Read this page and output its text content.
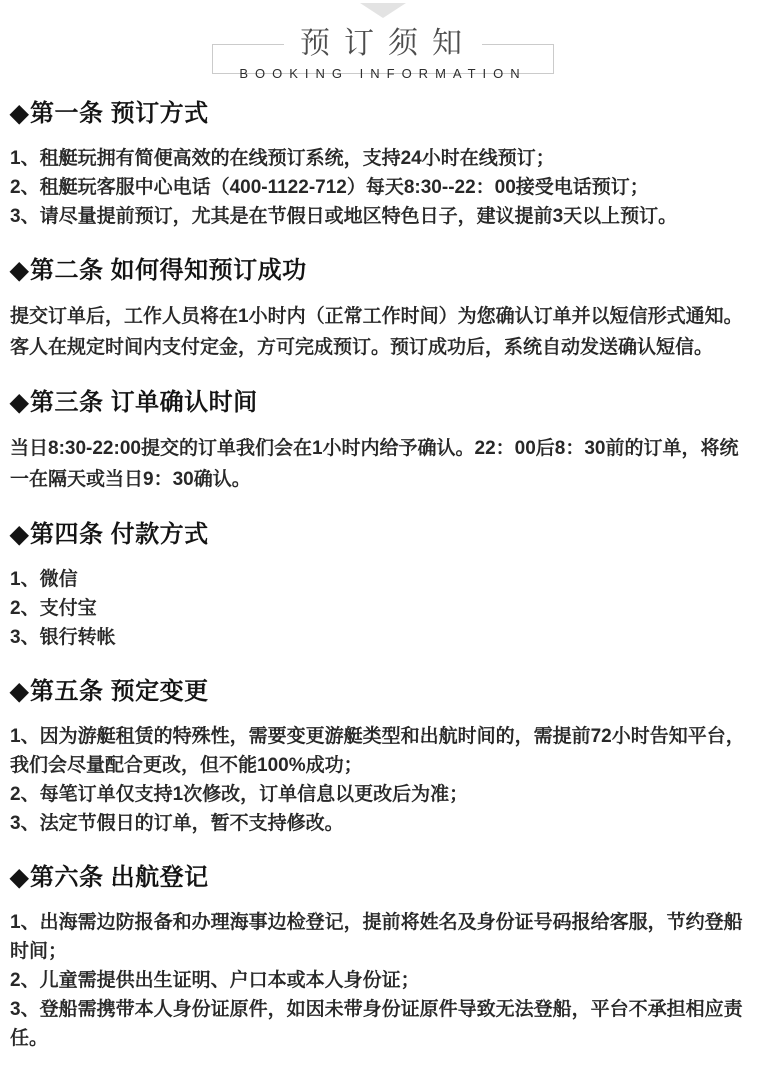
预订须知
BOOKING INFORMATION
◆第一条 预订方式

1、租艇玩拥有简便高效的在线预订系统，支持24小时在线预订；

2、租艇玩客服中心电话（400-1122-712）每天8:30--22：00接受电话预订；

3、请尽量提前预订，尤其是在节假日或地区特色日子，建议提前3天以上预订。

◆第二条 如何得知预订成功

提交订单后，工作人员将在1小时内（正常工作时间）为您确认订单并以短信形式通知。客人在规定时间内支付定金，方可完成预订。预订成功后，系统自动发送确认短信。

◆第三条 订单确认时间

当日8:30-22:00提交的订单我们会在1小时内给予确认。22：00后8：30前的订单，将统一在隔天或当日9：30确认。

◆第四条 付款方式

1、微信

2、支付宝

3、银行转帐

◆第五条 预定变更

1、因为游艇租赁的特殊性，需要变更游艇类型和出航时间的，需提前72小时告知平台，我们会尽量配合更改，但不能100%成功；

2、每笔订单仅支持1次修改，订单信息以更改后为准；

3、法定节假日的订单，暂不支持修改。

◆第六条 出航登记

1、出海需边防报备和办理海事边检登记，提前将姓名及身份证号码报给客服，节约登船时间；

2、儿童需提供出生证明、户口本或本人身份证；

3、登船需携带本人身份证原件，如因未带身份证原件导致无法登船，平台不承担相应责任。
